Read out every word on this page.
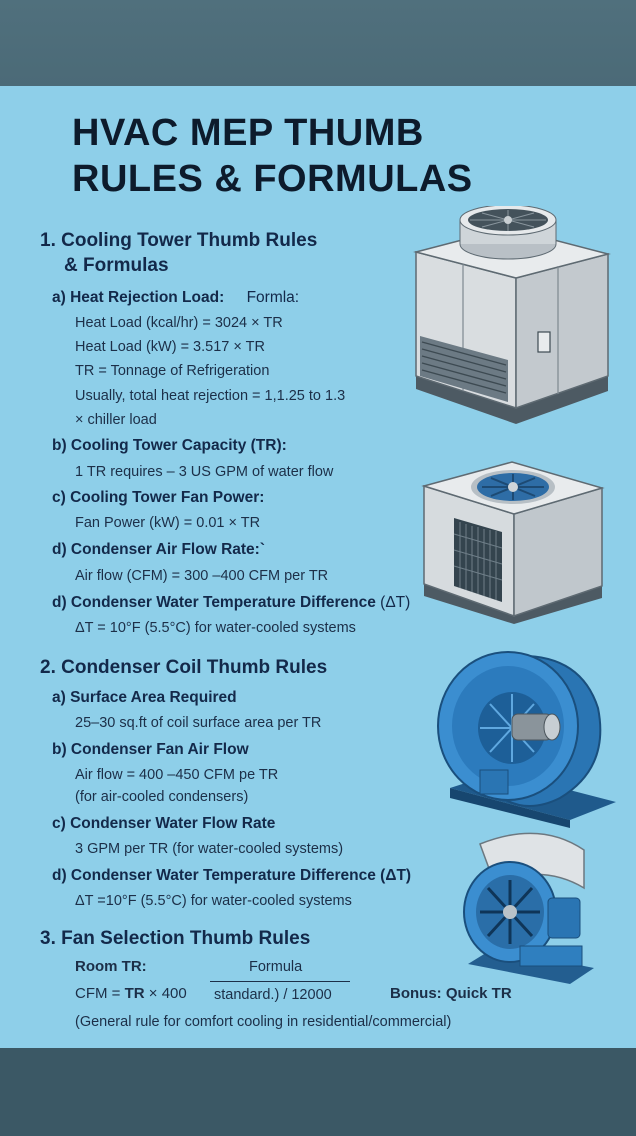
HVAC MEP THUMB
RULES & FORMULAS
1. Cooling Tower Thumb Rules
& Formulas
a) Heat Rejection Load: Formla:
Heat Load (kcal/hr) = 3024 × TR
Heat Load (kW) = 3.517 × TR
TR = Tonnage of Refrigeration
Usually, total heat rejection = 1,1.25 to 1.3
× chiller load
b) Cooling Tower Capacity (TR):
1 TR requires – 3 US GPM of water flow
c) Cooling Tower Fan Power:
Fan Power (kW) = 0.01 × TR
d) Condenser Air Flow Rate:`
Air flow (CFM) = 300 –400 CFM per TR
d) Condenser Water Temperature Difference (ΔT)
ΔT = 10°F (5.5°C) for water-cooled systems
2. Condenser Coil Thumb Rules
a) Surface Area Required
25–30 sq.ft of coil surface area per TR
b) Condenser Fan Air Flow
Air flow = 400 –450 CFM pe TR
(for air-cooled condensers)
c) Condenser Water Flow Rate
3 GPM per TR (for water-cooled systems)
d) Condenser Water Temperature Difference (ΔT)
ΔT =10°F (5.5°C) for water-cooled systems
3. Fan Selection Thumb Rules
Room TR:	Formula
CFM = TR × 400 standard.) / 12000	Bonus: Quick TR
(General rule for comfort cooling in residential/commercial)
